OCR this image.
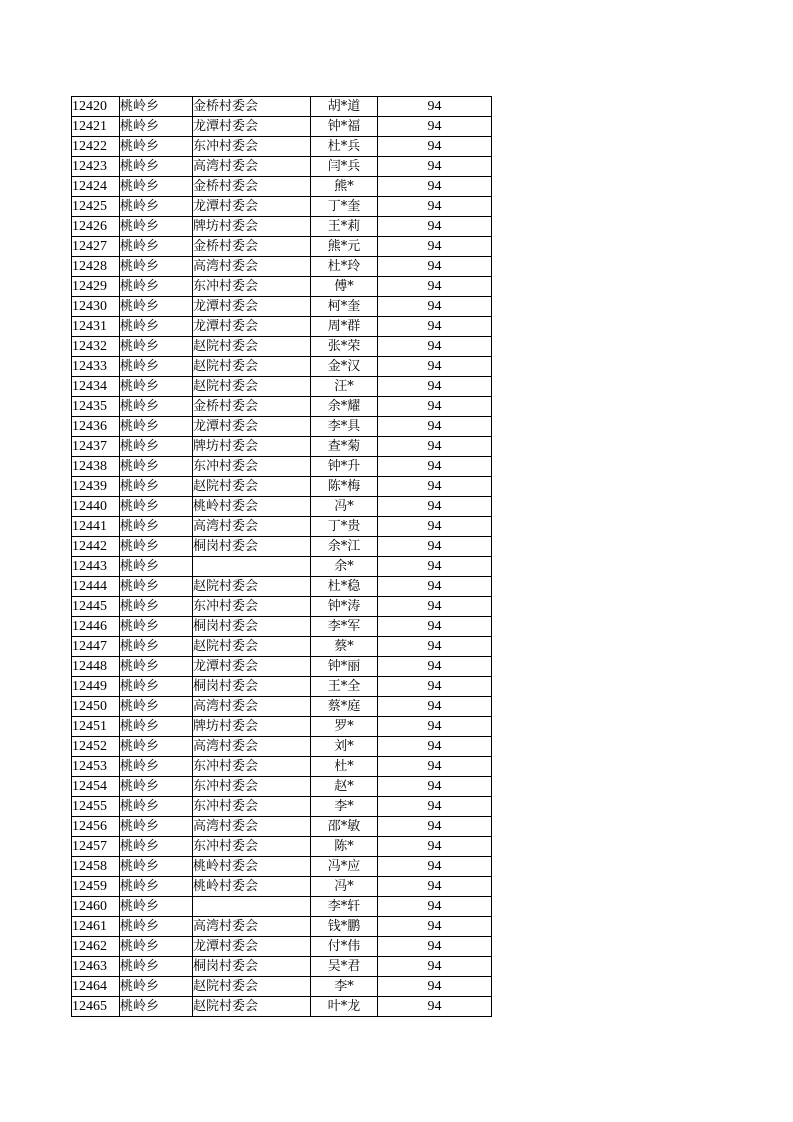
12420	桃岭乡	金桥村委会	胡*道	94
12421	桃岭乡	龙潭村委会	钟*福	94
12422	桃岭乡	东冲村委会	杜*兵	94
12423	桃岭乡	高湾村委会	闫*兵	94
12424	桃岭乡	金桥村委会	熊*	94
12425	桃岭乡	龙潭村委会	丁*奎	94
12426	桃岭乡	牌坊村委会	王*莉	94
12427	桃岭乡	金桥村委会	熊*元	94
12428	桃岭乡	高湾村委会	杜*玲	94
12429	桃岭乡	东冲村委会	傅*	94
12430	桃岭乡	龙潭村委会	柯*奎	94
12431	桃岭乡	龙潭村委会	周*群	94
12432	桃岭乡	赵院村委会	张*荣	94
12433	桃岭乡	赵院村委会	金*汉	94
12434	桃岭乡	赵院村委会	汪*	94
12435	桃岭乡	金桥村委会	余*耀	94
12436	桃岭乡	龙潭村委会	李*具	94
12437	桃岭乡	牌坊村委会	查*菊	94
12438	桃岭乡	东冲村委会	钟*升	94
12439	桃岭乡	赵院村委会	陈*梅	94
12440	桃岭乡	桃岭村委会	冯*	94
12441	桃岭乡	高湾村委会	丁*贵	94
12442	桃岭乡	桐岗村委会	余*江	94
12443	桃岭乡		余*	94
12444	桃岭乡	赵院村委会	杜*稳	94
12445	桃岭乡	东冲村委会	钟*涛	94
12446	桃岭乡	桐岗村委会	李*军	94
12447	桃岭乡	赵院村委会	蔡*	94
12448	桃岭乡	龙潭村委会	钟*丽	94
12449	桃岭乡	桐岗村委会	王*全	94
12450	桃岭乡	高湾村委会	蔡*庭	94
12451	桃岭乡	牌坊村委会	罗*	94
12452	桃岭乡	高湾村委会	刘*	94
12453	桃岭乡	东冲村委会	杜*	94
12454	桃岭乡	东冲村委会	赵*	94
12455	桃岭乡	东冲村委会	李*	94
12456	桃岭乡	高湾村委会	邵*敏	94
12457	桃岭乡	东冲村委会	陈*	94
12458	桃岭乡	桃岭村委会	冯*应	94
12459	桃岭乡	桃岭村委会	冯*	94
12460	桃岭乡		李*轩	94
12461	桃岭乡	高湾村委会	钱*鹏	94
12462	桃岭乡	龙潭村委会	付*伟	94
12463	桃岭乡	桐岗村委会	吴*君	94
12464	桃岭乡	赵院村委会	李*	94
12465	桃岭乡	赵院村委会	叶*龙	94
